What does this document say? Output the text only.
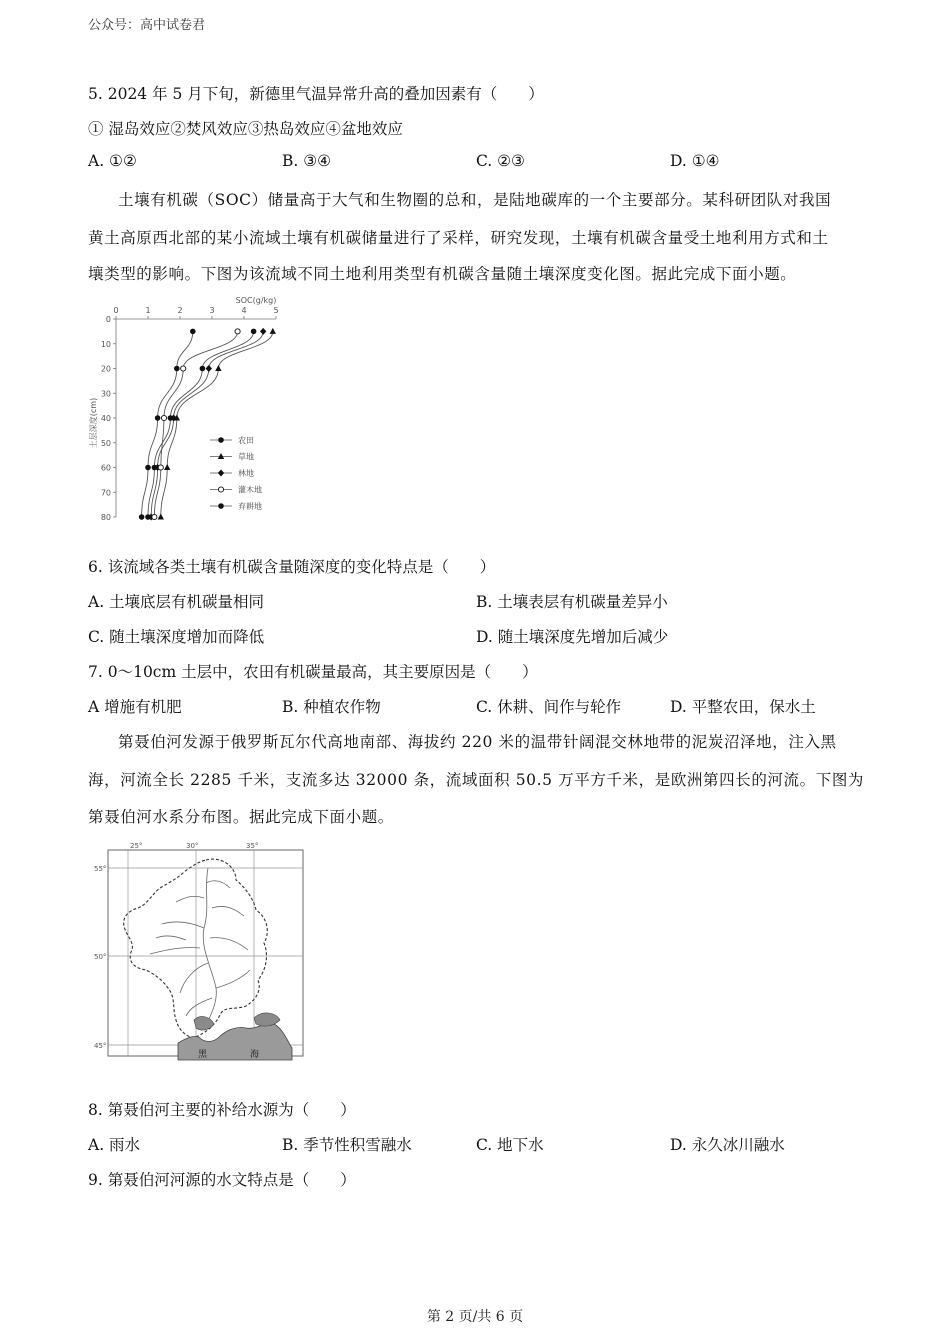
公众号：高中试卷君
5. 2024 年 5 月下旬，新德里气温异常升高的叠加因素有（　　）
① 湿岛效应②焚风效应③热岛效应④盆地效应
A. ①②	B. ③④	C. ②③	D. ①④
土壤有机碳（SOC）储量高于大气和生物圈的总和，是陆地碳库的一个主要部分。某科研团队对我国
黄土高原西北部的某小流域土壤有机碳储量进行了采样，研究发现，土壤有机碳含量受土地利用方式和土
壤类型的影响。下图为该流域不同土地利用类型有机碳含量随土壤深度变化图。据此完成下面小题。
SOC(g/kg)
土层深度(cm)
0	1	2	3	4	5
0
10
20
30
40
50
60
70
80
农田
草地
林地
灌木地
弃耕地
6. 该流域各类土壤有机碳含量随深度的变化特点是（　　）
A. 土壤底层有机碳量相同	B. 土壤表层有机碳量差异小
C. 随土壤深度增加而降低	D. 随土壤深度先增加后减少
7. 0～10cm 土层中，农田有机碳量最高，其主要原因是（　　）
A 增施有机肥	B. 种植农作物	C. 休耕、间作与轮作	D. 平整农田，保水土
第聂伯河发源于俄罗斯瓦尔代高地南部、海拔约 220 米的温带针阔混交林地带的泥炭沼泽地，注入黑
海，河流全长 2285 千米，支流多达 32000 条，流域面积 50.5 万平方千米，是欧洲第四长的河流。下图为
第聂伯河水系分布图。据此完成下面小题。
25°	30°	35°
55°
50°
45°
黑	海
8. 第聂伯河主要的补给水源为（　　）
A. 雨水	B. 季节性积雪融水	C. 地下水	D. 永久冰川融水
9. 第聂伯河河源的水文特点是（　　）
第 2 页/共 6 页
